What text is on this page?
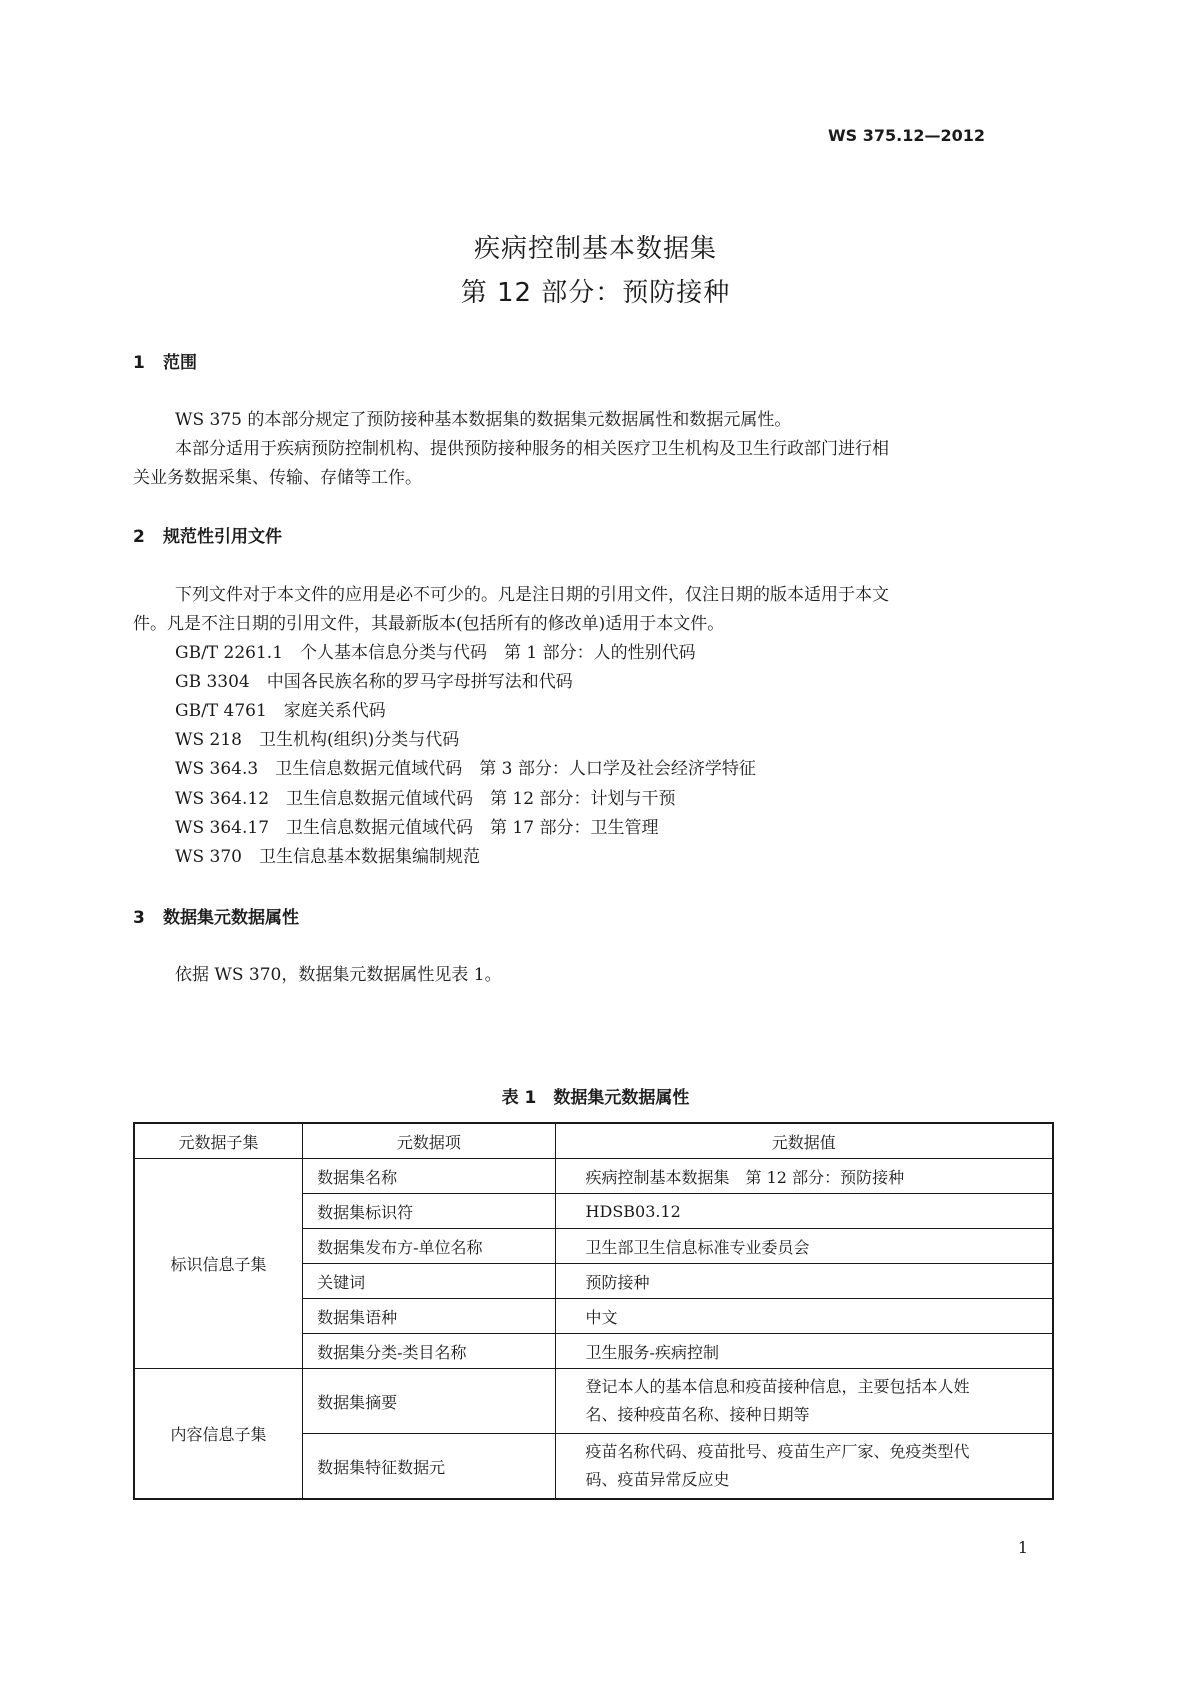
WS 375.12—2012
疾病控制基本数据集
第 12 部分：预防接种
1 范围
WS 375 的本部分规定了预防接种基本数据集的数据集元数据属性和数据元属性。
本部分适用于疾病预防控制机构、提供预防接种服务的相关医疗卫生机构及卫生行政部门进行相
关业务数据采集、传输、存储等工作。
2 规范性引用文件
下列文件对于本文件的应用是必不可少的。凡是注日期的引用文件，仅注日期的版本适用于本文
件。凡是不注日期的引用文件，其最新版本(包括所有的修改单)适用于本文件。
GB/T 2261.1　个人基本信息分类与代码　第 1 部分：人的性别代码
GB 3304　中国各民族名称的罗马字母拼写法和代码
GB/T 4761　家庭关系代码
WS 218　卫生机构(组织)分类与代码
WS 364.3　卫生信息数据元值域代码　第 3 部分：人口学及社会经济学特征
WS 364.12　卫生信息数据元值域代码　第 12 部分：计划与干预
WS 364.17　卫生信息数据元值域代码　第 17 部分：卫生管理
WS 370　卫生信息基本数据集编制规范
3 数据集元数据属性
依据 WS 370，数据集元数据属性见表 1。
表 1　数据集元数据属性
元数据子集	元数据项	元数据值
标识信息子集	数据集名称	疾病控制基本数据集　第 12 部分：预防接种
	数据集标识符	HDSB03.12
	数据集发布方-单位名称	卫生部卫生信息标准专业委员会
	关键词	预防接种
	数据集语种	中文
	数据集分类-类目名称	卫生服务-疾病控制
内容信息子集	数据集摘要	登记本人的基本信息和疫苗接种信息，主要包括本人姓
名、接种疫苗名称、接种日期等
	数据集特征数据元	疫苗名称代码、疫苗批号、疫苗生产厂家、免疫类型代
码、疫苗异常反应史
1
